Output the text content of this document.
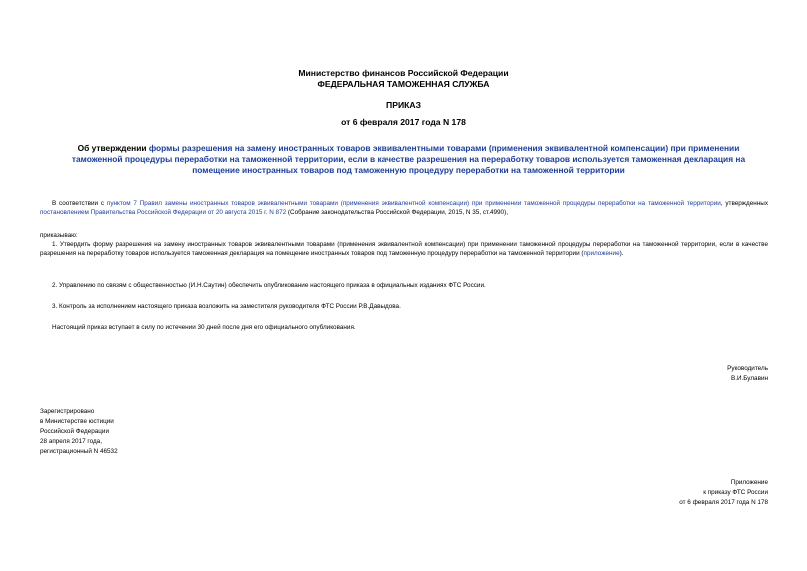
Министерство финансов Российской Федерации
ФЕДЕРАЛЬНАЯ ТАМОЖЕННАЯ СЛУЖБА
ПРИКАЗ
от 6 февраля 2017 года N 178
Об утверждении формы разрешения на замену иностранных товаров эквивалентными товарами (применения эквивалентной компенсации) при применении таможенной процедуры переработки на таможенной территории, если в качестве разрешения на переработку товаров используется таможенная декларация на помещение иностранных товаров под таможенную процедуру переработки на таможенной территории
В соответствии с пунктом 7 Правил замены иностранных товаров эквивалентными товарами (применения эквивалентной компенсации) при применении таможенной процедуры переработки на таможенной территории, утвержденных постановлением Правительства Российской Федерации от 20 августа 2015 г. N 872 (Собрание законодательства Российской Федерации, 2015, N 35, ст.4990),
приказываю:
1. Утвердить форму разрешения на замену иностранных товаров эквивалентными товарами (применения эквивалентной компенсации) при применении таможенной процедуры переработки на таможенной территории, если в качестве разрешения на переработку товаров используется таможенная декларация на помещение иностранных товаров под таможенную процедуру переработки на таможенной территории (приложение).
2. Управлению по связям с общественностью (И.Н.Саутин) обеспечить опубликование настоящего приказа в официальных изданиях ФТС России.
3. Контроль за исполнением настоящего приказа возложить на заместителя руководителя ФТС России Р.В.Давыдова.
Настоящий приказ вступает в силу по истечении 30 дней после дня его официального опубликования.
Руководитель
В.И.Булавин
Зарегистрировано
в Министерстве юстиции
Российской Федерации
28 апреля 2017 года,
регистрационный N 46532
Приложение
к приказу ФТС России
от 6 февраля 2017 года N 178
